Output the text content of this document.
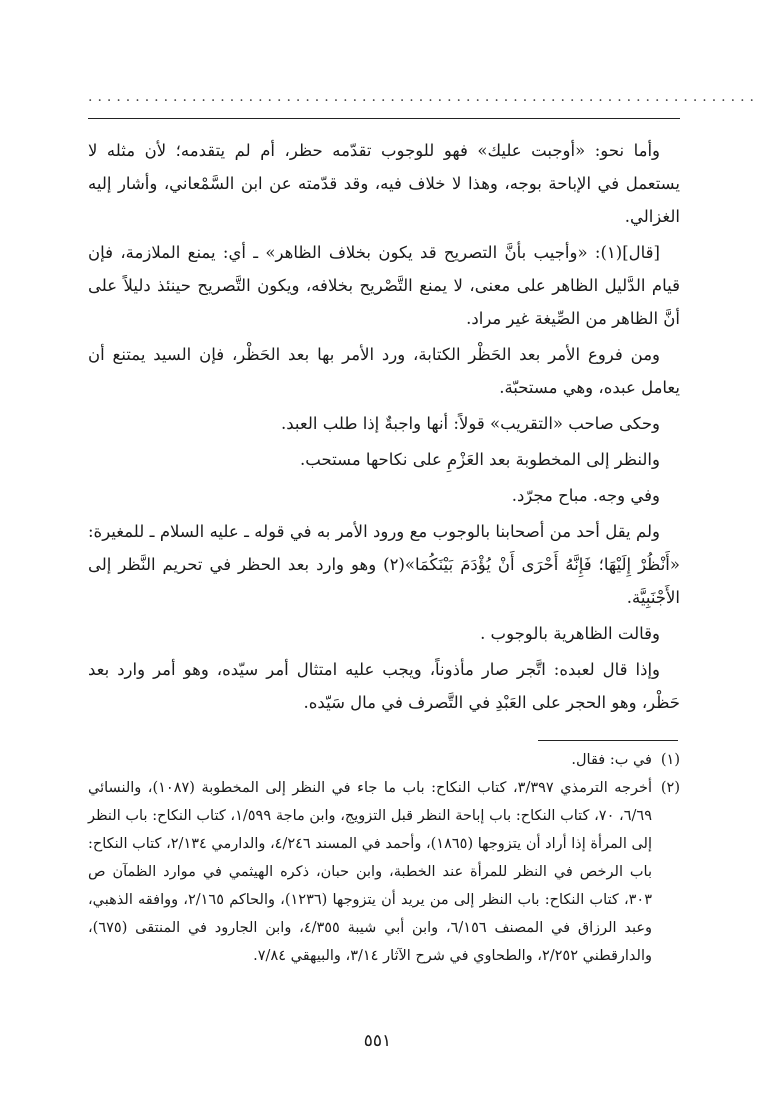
.......................................................................

وأما نحو: «أوجبت عليك» فهو للوجوب تقدّمه حظر، أم لم يتقدمه؛ لأن مثله لا يستعمل في الإباحة بوجه، وهذا لا خلاف فيه، وقد قدّمته عن ابن السَّمْعاني، وأشار إليه الغزالي.

[قال](١): «وأجيب بأنَّ التصريح قد يكون بخلاف الظاهر» ـ أي: يمنع الملازمة، فإن قيام الدَّليل الظاهر على معنى، لا يمنع التَّصْريح بخلافه، ويكون التَّصريح حينئذ دليلاً على أنَّ الظاهر من الصِّيغة غير مراد.

ومن فروع الأمر بعد الحَظْر الكتابة، ورد الأمر بها بعد الحَظْر، فإن السيد يمتنع أن يعامل عبده، وهي مستحبّة.

وحكى صاحب «التقريب» قولاً: أنها واجبةٌ إذا طلب العبد.

والنظر إلى المخطوبة بعد العَزْمِ على نكاحها مستحب.

وفي وجه. مباح مجرّد.

ولم يقل أحد من أصحابنا بالوجوب مع ورود الأمر به في قوله ـ عليه السلام ـ للمغيرة: «أَنْظُرْ إِلَيْهَا؛ فَإِنَّهُ أَحْرَى أَنْ يُؤْدَمَ بَيْنَكُمَا»(٢) وهو وارد بعد الحظر في تحريم النَّظر إلى الأَجْنَبِيَّة.

وقالت الظاهرية بالوجوب .

وإذا قال لعبده: اتَّجر صار مأذوناً، ويجب عليه امتثال أمر سيّده، وهو أمر وارد بعد حَظْر، وهو الحجر على العَبْدِ في التَّصرف في مال سَيّده.

(١)
في ب: فقال.
(٢)
أخرجه الترمذي ٣/٣٩٧، كتاب النكاح: باب ما جاء في النظر إلى المخطوبة (١٠٨٧)، والنسائي ٦/٦٩، ٧٠، كتاب النكاح: باب إباحة النظر قبل التزويج، وابن ماجة ١/٥٩٩، كتاب النكاح: باب النظر إلى المرأة إذا أراد أن يتزوجها (١٨٦٥)، وأحمد في المسند ٤/٢٤٦، والدارمي ٢/١٣٤، كتاب النكاح: باب الرخص في النظر للمرأة عند الخطبة، وابن حبان، ذكره الهيثمي في موارد الظمآن ص ٣٠٣، كتاب النكاح: باب النظر إلى من يريد أن يتزوجها (١٢٣٦)، والحاكم ٢/١٦٥، ووافقه الذهبي، وعبد الرزاق في المصنف ٦/١٥٦، وابن أبي شيبة ٤/٣٥٥، وابن الجارود في المنتقى (٦٧٥)، والدارقطني ٢/٢٥٢، والطحاوي في شرح الآثار ٣/١٤، والبيهقي ٧/٨٤.
٥٥١
